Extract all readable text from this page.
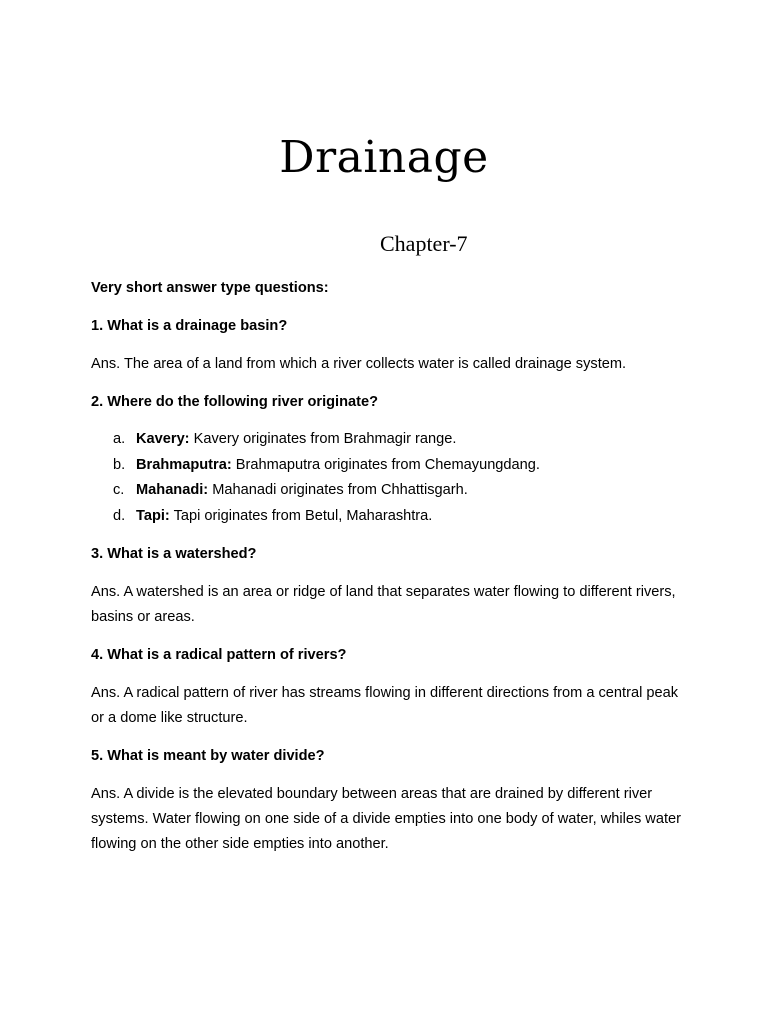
Drainage

Chapter-7

Very short answer type questions:

1. What is a drainage basin?

Ans. The area of a land from which a river collects water is called drainage system.

2. Where do the following river originate?

a. Kavery: Kavery originates from Brahmagir range.
b. Brahmaputra: Brahmaputra originates from Chemayungdang.
c. Mahanadi: Mahanadi originates from Chhattisgarh.
d. Tapi: Tapi originates from Betul, Maharashtra.

3. What is a watershed?

Ans. A watershed is an area or ridge of land that separates water flowing to different rivers, basins or areas.

4. What is a radical pattern of rivers?

Ans. A radical pattern of river has streams flowing in different directions from a central peak or a dome like structure.

5. What is meant by water divide?

Ans. A divide is the elevated boundary between areas that are drained by different river systems. Water flowing on one side of a divide empties into one body of water, whiles water flowing on the other side empties into another.
